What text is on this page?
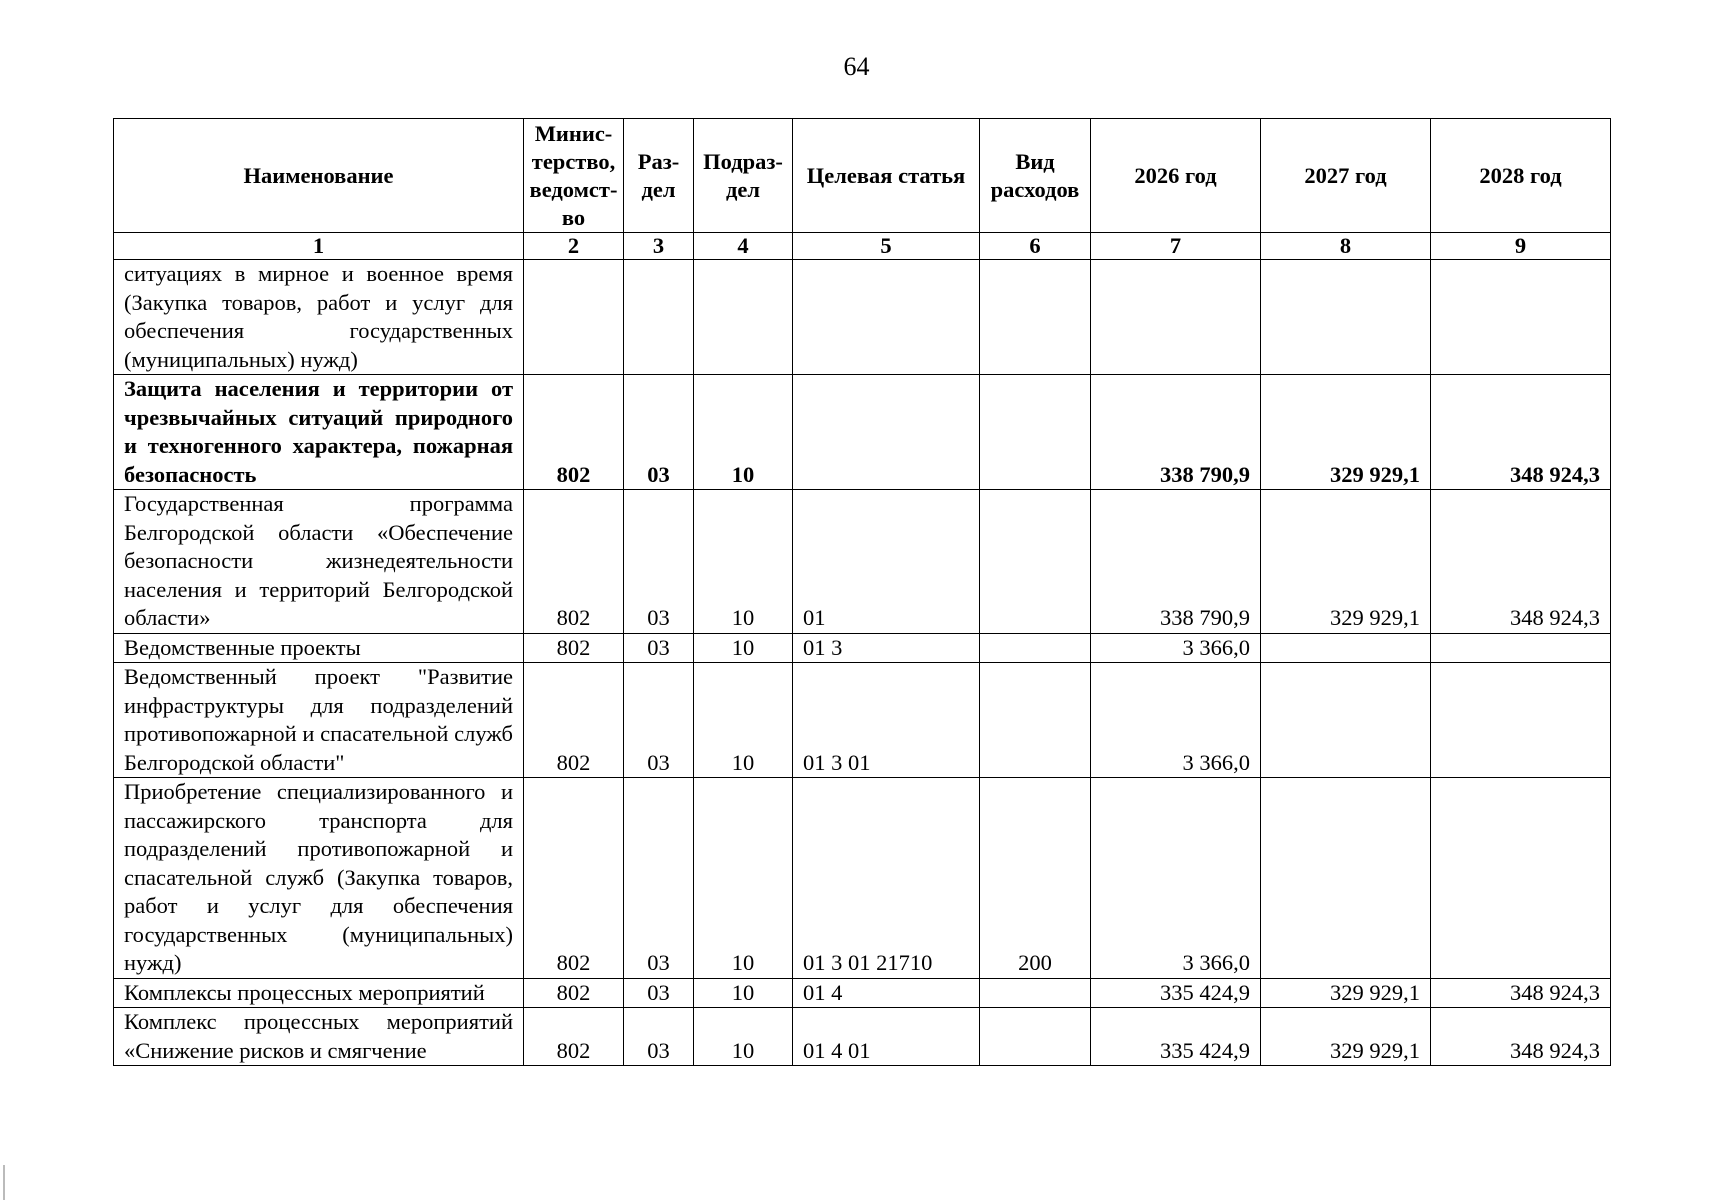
64
Наименование	Минис-терство, ведомст-во	Раз-дел	Подраз-дел	Целевая статья	Вид расходов	2026 год	2027 год	2028 год
1	2	3	4	5	6	7	8	9
ситуациях в мирное и военное время (Закупка товаров, работ и услуг для обеспечения государственных (муниципальных) нужд)								
Защита населения и территории от чрезвычайных ситуаций природного и техногенного характера, пожарная безопасность	802	03	10			338 790,9	329 929,1	348 924,3
Государственная программа Белгородской области «Обеспечение безопасности жизнедеятельности населения и территорий Белгородской области»	802	03	10	01		338 790,9	329 929,1	348 924,3
Ведомственные проекты	802	03	10	01 3		3 366,0		
Ведомственный проект "Развитие инфраструктуры для подразделений противопожарной и спасательной служб Белгородской области"	802	03	10	01 3 01		3 366,0		
Приобретение специализированного и пассажирского транспорта для подразделений противопожарной и спасательной служб (Закупка товаров, работ и услуг для обеспечения государственных (муниципальных) нужд)	802	03	10	01 3 01 21710	200	3 366,0		
Комплексы процессных мероприятий	802	03	10	01 4		335 424,9	329 929,1	348 924,3
Комплекс процессных мероприятий «Снижение рисков и смягчение	802	03	10	01 4 01		335 424,9	329 929,1	348 924,3
